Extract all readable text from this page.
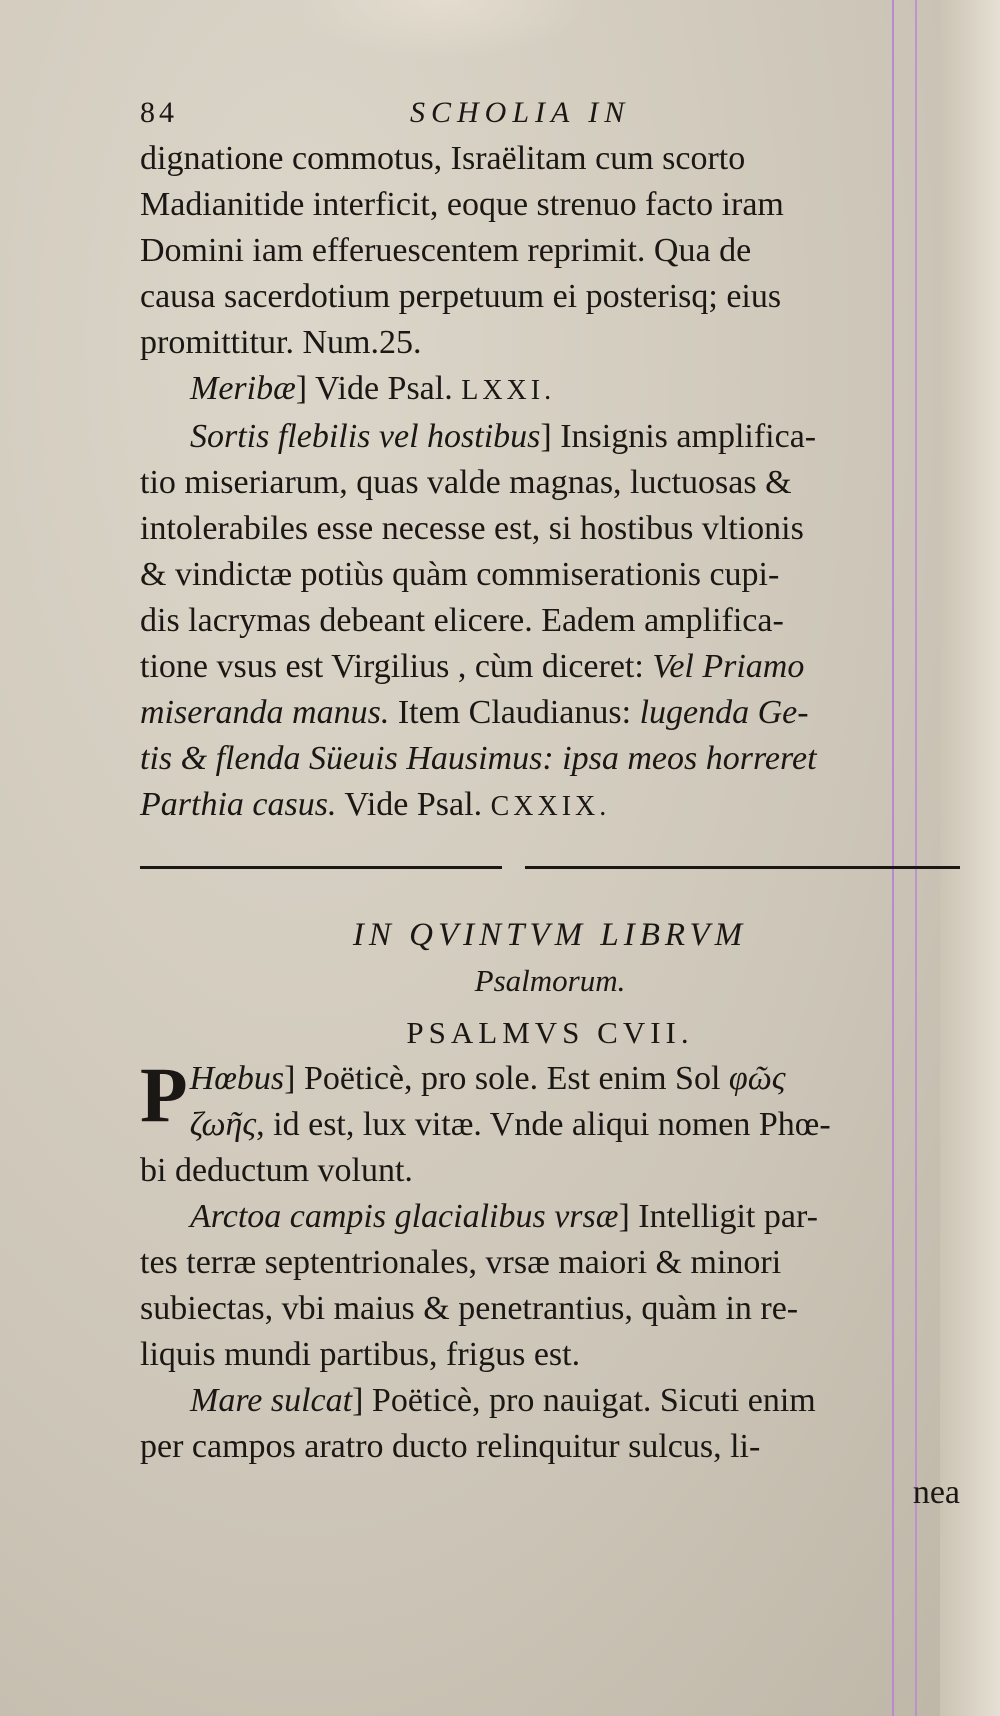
84	SCHOLIA IN
dignatione commotus, Israëlitam cum scorto
Madianitide interficit, eoque strenuo facto iram
Domini iam efferuescentem reprimit. Qua de
causa sacerdotium perpetuum ei posterisq; eius
promittitur. Num.25.
Meribæ] Vide Psal. LXXI.
Sortis flebilis vel hostibus] Insignis amplifica-
tio miseriarum, quas valde magnas, luctuosas &
intolerabiles esse necesse est, si hostibus vltionis
& vindictæ potiùs quàm commiserationis cupi-
dis lacrymas debeant elicere. Eadem amplifica-
tione vsus est Virgilius , cùm diceret: Vel Priamo
miseranda manus. Item Claudianus: lugenda Ge-
tis & flenda Süeuis Hausimus: ipsa meos horreret
Parthia casus. Vide Psal. CXXIX.
IN QVINTVM LIBRVM
Psalmorum.
PSALMVS CVII.
P Hœbus] Poëticè, pro sole. Est enim Sol φῶς
ζωῆς, id est, lux vitæ. Vnde aliqui nomen Phœ-
bi deductum volunt.
Arctoa campis glacialibus vrsæ] Intelligit par-
tes terræ septentrionales, vrsæ maiori & minori
subiectas, vbi maius & penetrantius, quàm in re-
liquis mundi partibus, frigus est.
Mare sulcat] Poëticè, pro nauigat. Sicuti enim
per campos aratro ducto relinquitur sulcus, li-
nea
